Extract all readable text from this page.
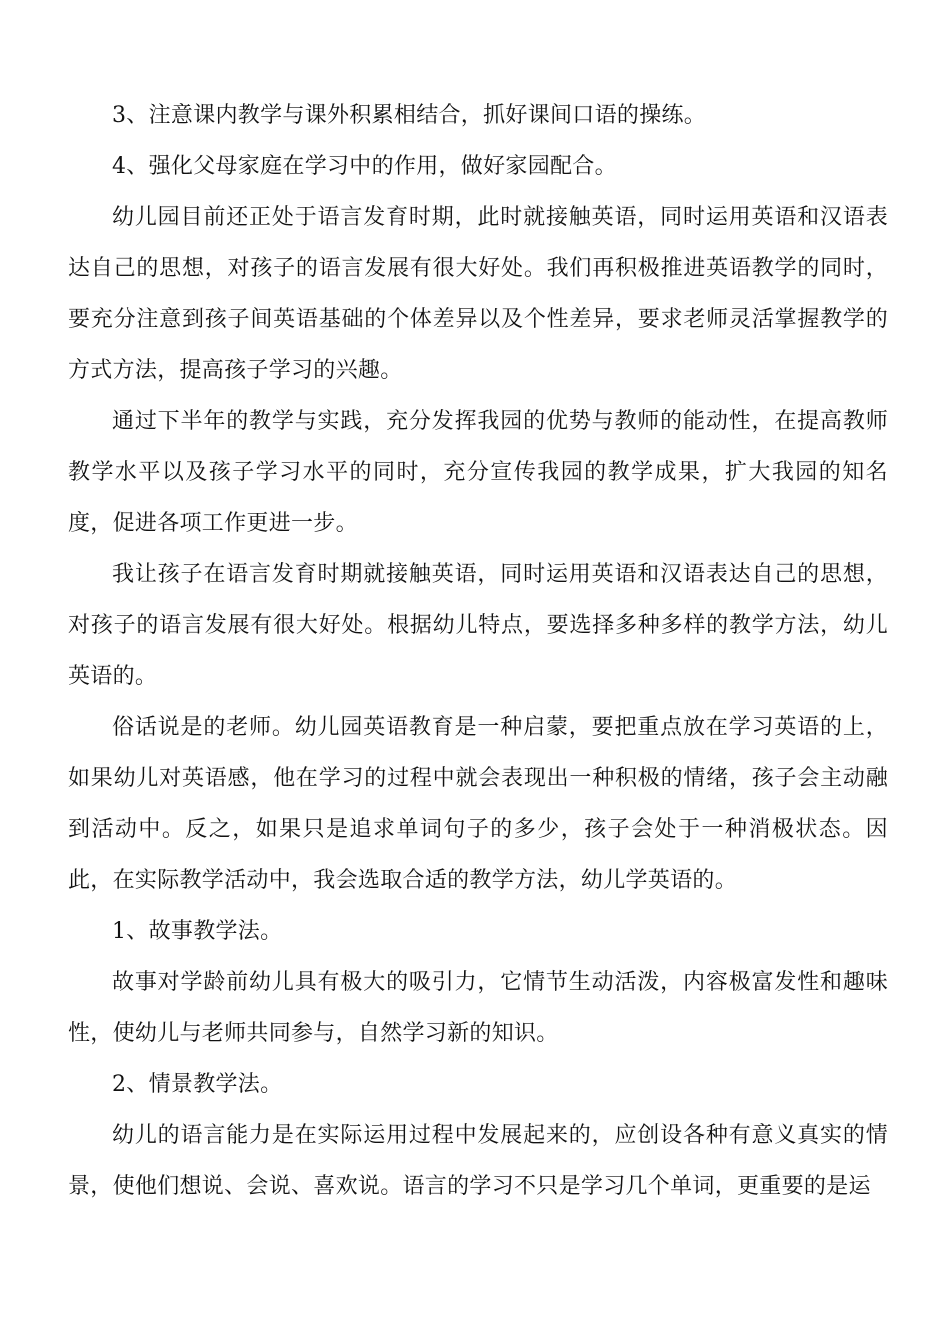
3、注意课内教学与课外积累相结合，抓好课间口语的操练。

4、强化父母家庭在学习中的作用，做好家园配合。

幼儿园目前还正处于语言发育时期，此时就接触英语，同时运用英语和汉语表达自己的思想，对孩子的语言发展有很大好处。我们再积极推进英语教学的同时，要充分注意到孩子间英语基础的个体差异以及个性差异，要求老师灵活掌握教学的方式方法，提高孩子学习的兴趣。

通过下半年的教学与实践，充分发挥我园的优势与教师的能动性，在提高教师教学水平以及孩子学习水平的同时，充分宣传我园的教学成果，扩大我园的知名度，促进各项工作更进一步。

我让孩子在语言发育时期就接触英语，同时运用英语和汉语表达自己的思想，对孩子的语言发展有很大好处。根据幼儿特点，要选择多种多样的教学方法，幼儿英语的。

俗话说是的老师。幼儿园英语教育是一种启蒙，要把重点放在学习英语的上，如果幼儿对英语感，他在学习的过程中就会表现出一种积极的情绪，孩子会主动融到活动中。反之，如果只是追求单词句子的多少，孩子会处于一种消极状态。因此，在实际教学活动中，我会选取合适的教学方法，幼儿学英语的。

1、故事教学法。

故事对学龄前幼儿具有极大的吸引力，它情节生动活泼，内容极富发性和趣味性，使幼儿与老师共同参与，自然学习新的知识。

2、情景教学法。

幼儿的语言能力是在实际运用过程中发展起来的，应创设各种有意义真实的情景，使他们想说、会说、喜欢说。语言的学习不只是学习几个单词，更重要的是运
